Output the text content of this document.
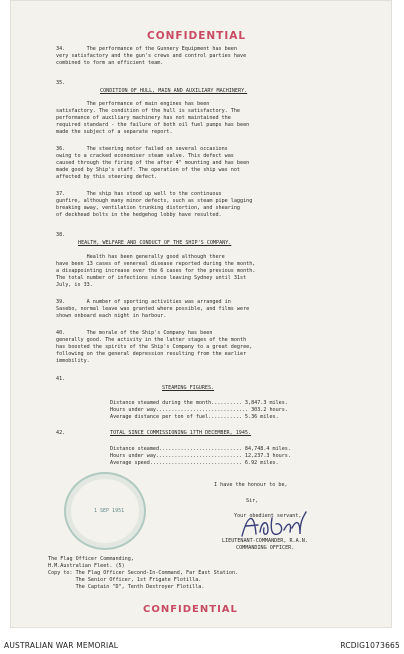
CONFIDENTIAL
34.       The performance of the Gunnery Equipment has been
very satisfactory and the gun's crews and control parties have
combined to form an efficient team.
35.
CONDITION OF HULL, MAIN AND AUXILIARY MACHINERY.
The performance of main engines has been
satisfactory. The condition of the hull is satisfactory. The
performance of auxiliary machinery has not maintained the
required standard - the failure of both oil fuel pumps has been
made the subject of a separate report.
36.       The steering motor failed on several occasions
owing to a cracked economiser steam valve. This defect was
caused through the firing of the after 4" mounting and has been
made good by Ship's staff. The operation of the ship was not
affected by this steering defect.
37.       The ship has stood up well to the continuous
gunfire, although many minor defects, such as steam pipe lagging
breaking away, ventilation trunking distortion, and shearing
of deckhead bolts in the hedgehog lobby have resulted.
38.
HEALTH, WELFARE AND CONDUCT OF THE SHIP'S COMPANY.
Health has been generally good although there
have been 13 cases of venereal disease reported during the month,
a disappointing increase over the 6 cases for the previous month.
The total number of infections since leaving Sydney until 31st
July, is 33.
39.       A number of sporting activities was arranged in
Sasebo, normal leave was granted where possible, and films were
shown onboard each night in harbour.
40.       The morale of the Ship's Company has been
generally good. The activity in the latter stages of the month
has boosted the spirits of the Ship's Company to a great degree,
following on the general depression resulting from the earlier
immobility.
41.
STEAMING FIGURES.
Distance steamed during the month.......... 3,847.3 miles.
Hours under way.............................. 303.2 hours.
Average distance per ton of fuel........... 5.36 miles.
42.	TOTAL SINCE COMMISSIONING 17TH DECEMBER, 1945.
Distance steamed........................... 84,748.4 miles.
Hours under way............................ 12,237.3 hours.
Average speed.............................. 6.92 miles.
I have the honour to be,
Sir,
Your obedient servant,
LIEUTENANT-COMMANDER, R.A.N.
COMMANDING OFFICER.
The Flag Officer Commanding,
H.M.Australian Fleet. (5)
Copy to: The Flag Officer Second-In-Command, Far East Station.
The Senior Officer, 1st Frigate Flotilla.
The Captain "D", Tenth Destroyer Flotilla.
1 SEP 1951
CONFIDENTIAL
AUSTRALIAN WAR MEMORIAL	RCDIG1073665
